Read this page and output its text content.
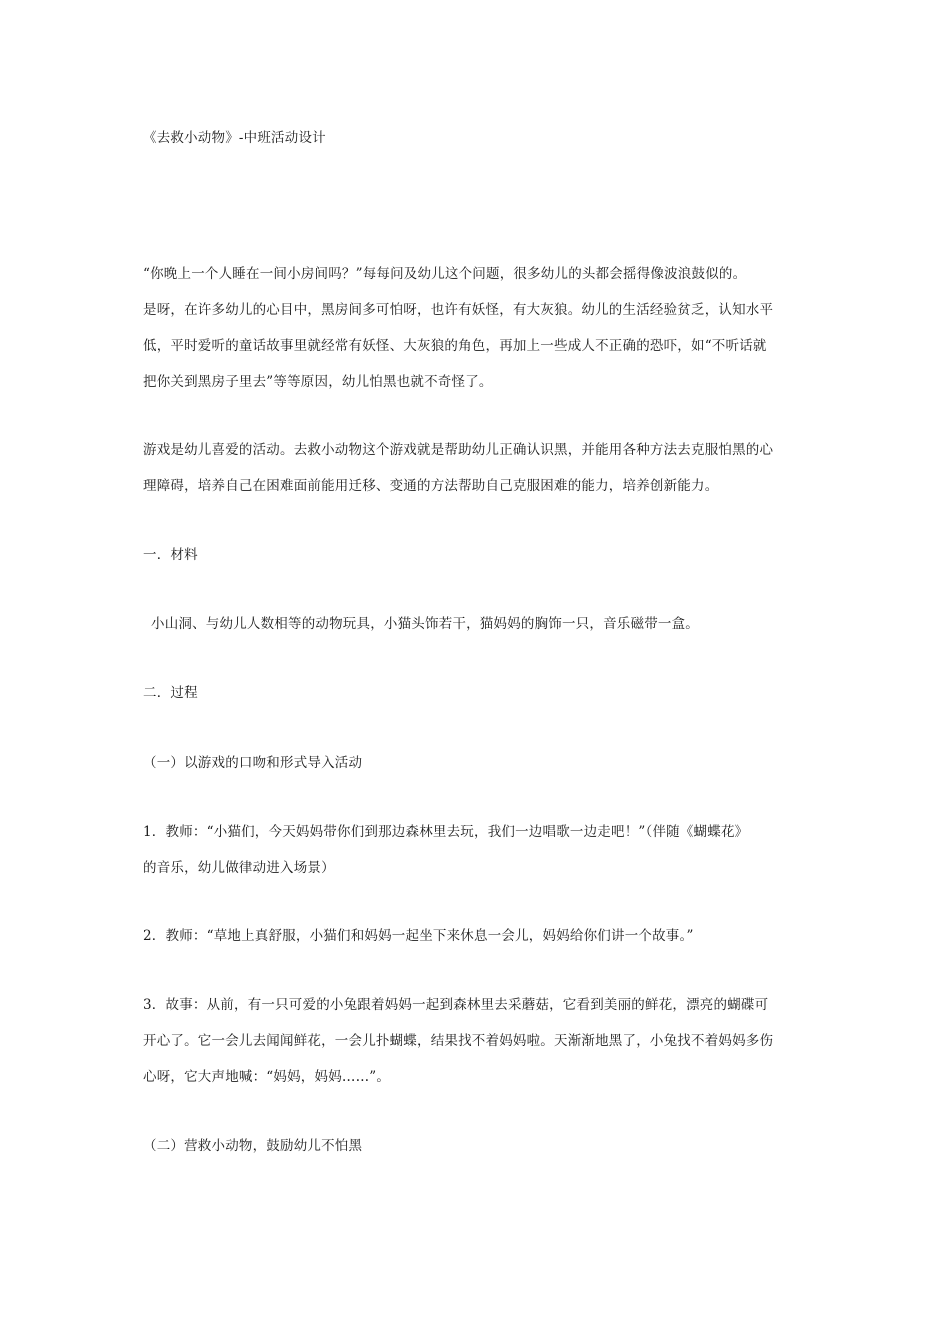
《去救小动物》-中班活动设计
“你晚上一个人睡在一间小房间吗？”每每问及幼儿这个问题，很多幼儿的头都会摇得像波浪鼓似的。
是呀，在许多幼儿的心目中，黑房间多可怕呀，也许有妖怪，有大灰狼。幼儿的生活经验贫乏，认知水平
低，平时爱听的童话故事里就经常有妖怪、大灰狼的角色，再加上一些成人不正确的恐吓，如“不听话就
把你关到黑房子里去”等等原因，幼儿怕黑也就不奇怪了。
游戏是幼儿喜爱的活动。去救小动物这个游戏就是帮助幼儿正确认识黑，并能用各种方法去克服怕黑的心
理障碍，培养自己在困难面前能用迁移、变通的方法帮助自己克服困难的能力，培养创新能力。
一．材料
小山洞、与幼儿人数相等的动物玩具，小猫头饰若干，猫妈妈的胸饰一只，音乐磁带一盒。
二．过程
（一）以游戏的口吻和形式导入活动
1．教师：“小猫们，今天妈妈带你们到那边森林里去玩，我们一边唱歌一边走吧！”（伴随《蝴蝶花》
的音乐，幼儿做律动进入场景）
2．教师：“草地上真舒服，小猫们和妈妈一起坐下来休息一会儿，妈妈给你们讲一个故事。”
3．故事：从前，有一只可爱的小兔跟着妈妈一起到森林里去采蘑菇，它看到美丽的鲜花，漂亮的蝴碟可
开心了。它一会儿去闻闻鲜花，一会儿扑蝴蝶，结果找不着妈妈啦。天渐渐地黑了，小兔找不着妈妈多伤
心呀，它大声地喊：“妈妈，妈妈……”。
（二）营救小动物，鼓励幼儿不怕黑
